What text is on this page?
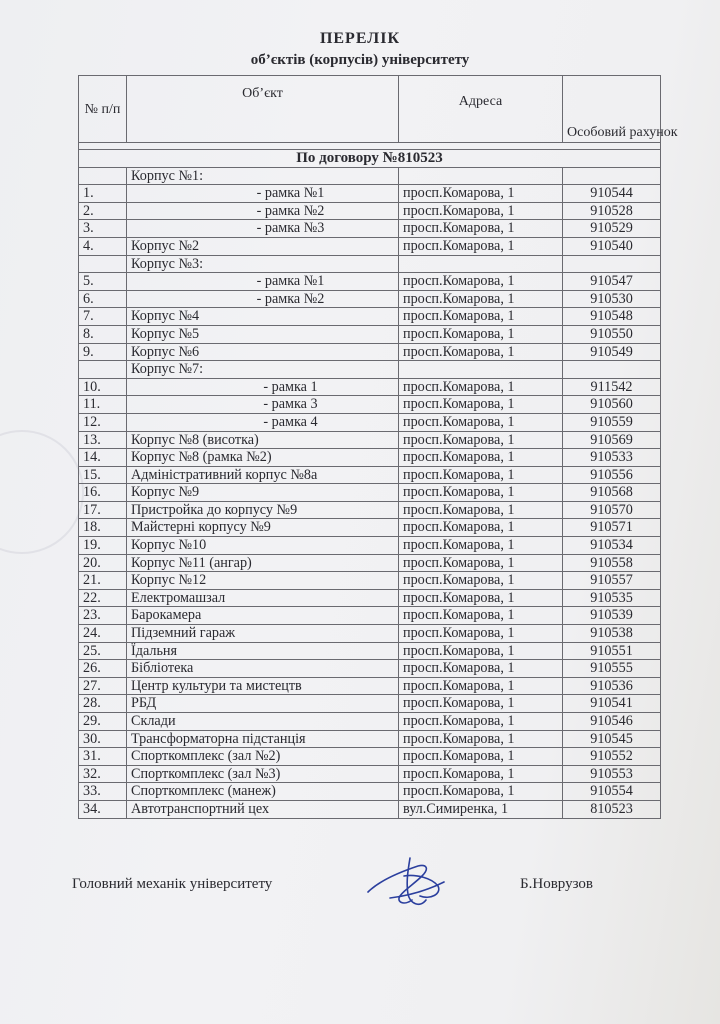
ПЕРЕЛІК
об’єктів (корпусів) університету
№ п/п	Об’єкт	Адреса	Особовий рахунок

По договору №810523			
	Корпус №1:		
1.	- рамка №1	просп.Комарова, 1	910544
2.	- рамка №2	просп.Комарова, 1	910528
3.	- рамка №3	просп.Комарова, 1	910529
4.	Корпус №2	просп.Комарова, 1	910540
	Корпус №3:		
5.	- рамка №1	просп.Комарова, 1	910547
6.	- рамка №2	просп.Комарова, 1	910530
7.	Корпус №4	просп.Комарова, 1	910548
8.	Корпус №5	просп.Комарова, 1	910550
9.	Корпус №6	просп.Комарова, 1	910549
	Корпус №7:		
10.	- рамка 1	просп.Комарова, 1	911542
11.	- рамка 3	просп.Комарова, 1	910560
12.	- рамка 4	просп.Комарова, 1	910559
13.	Корпус №8 (висотка)	просп.Комарова, 1	910569
14.	Корпус №8 (рамка №2)	просп.Комарова, 1	910533
15.	Адміністративний корпус №8а	просп.Комарова, 1	910556
16.	Корпус №9	просп.Комарова, 1	910568
17.	Пристройка до корпусу №9	просп.Комарова, 1	910570
18.	Майстерні корпусу №9	просп.Комарова, 1	910571
19.	Корпус №10	просп.Комарова, 1	910534
20.	Корпус №11 (ангар)	просп.Комарова, 1	910558
21.	Корпус №12	просп.Комарова, 1	910557
22.	Електромашзал	просп.Комарова, 1	910535
23.	Барокамера	просп.Комарова, 1	910539
24.	Підземний гараж	просп.Комарова, 1	910538
25.	Їдальня	просп.Комарова, 1	910551
26.	Бібліотека	просп.Комарова, 1	910555
27.	Центр культури та мистецтв	просп.Комарова, 1	910536
28.	РБД	просп.Комарова, 1	910541
29.	Склади	просп.Комарова, 1	910546
30.	Трансформаторна підстанція	просп.Комарова, 1	910545
31.	Спорткомплекс (зал №2)	просп.Комарова, 1	910552
32.	Спорткомплекс (зал №3)	просп.Комарова, 1	910553
33.	Спорткомплекс (манеж)	просп.Комарова, 1	910554
34.	Автотранспортний цех	вул.Симиренка, 1	810523
Головний механік університету	Б.Новрузов
